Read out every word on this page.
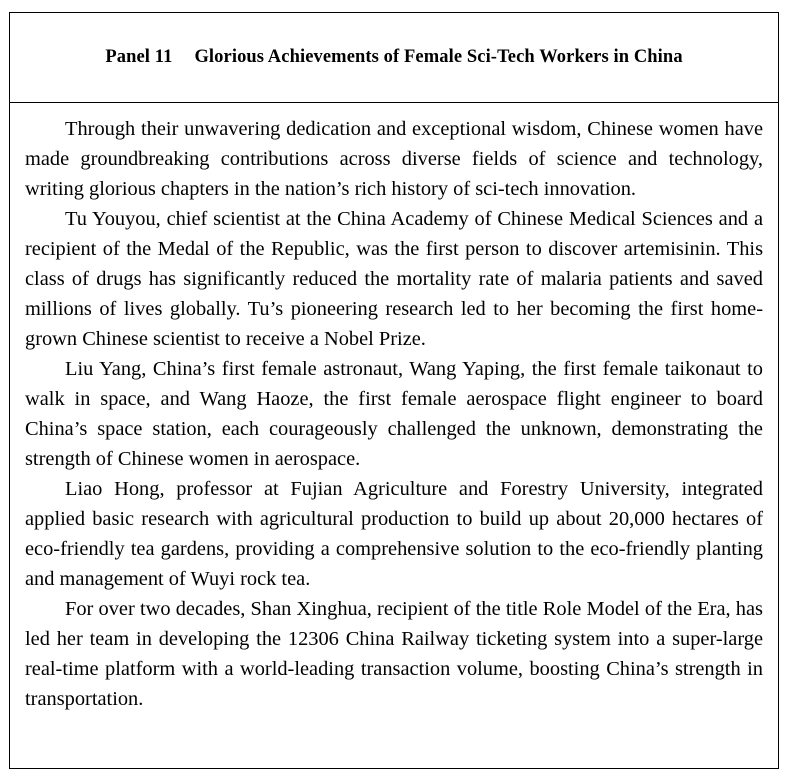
Panel 11 Glorious Achievements of Female Sci-Tech Workers in China

Through their unwavering dedication and exceptional wisdom, Chinese women have made groundbreaking contributions across diverse fields of science and technology, writing glorious chapters in the nation’s rich history of sci-tech innovation.

Tu Youyou, chief scientist at the China Academy of Chinese Medical Sciences and a recipient of the Medal of the Republic, was the first person to discover artemisinin. This class of drugs has significantly reduced the mortality rate of malaria patients and saved millions of lives globally. Tu’s pioneering research led to her becoming the first home-grown Chinese scientist to receive a Nobel Prize.

Liu Yang, China’s first female astronaut, Wang Yaping, the first female taikonaut to walk in space, and Wang Haoze, the first female aerospace flight engineer to board China’s space station, each courageously challenged the unknown, demonstrating the strength of Chinese women in aerospace.

Liao Hong, professor at Fujian Agriculture and Forestry University, integrated applied basic research with agricultural production to build up about 20,000 hectares of eco-friendly tea gardens, providing a comprehensive solution to the eco-friendly planting and management of Wuyi rock tea.

For over two decades, Shan Xinghua, recipient of the title Role Model of the Era, has led her team in developing the 12306 China Railway ticketing system into a super-large real-time platform with a world-leading transaction volume, boosting China’s strength in transportation.
